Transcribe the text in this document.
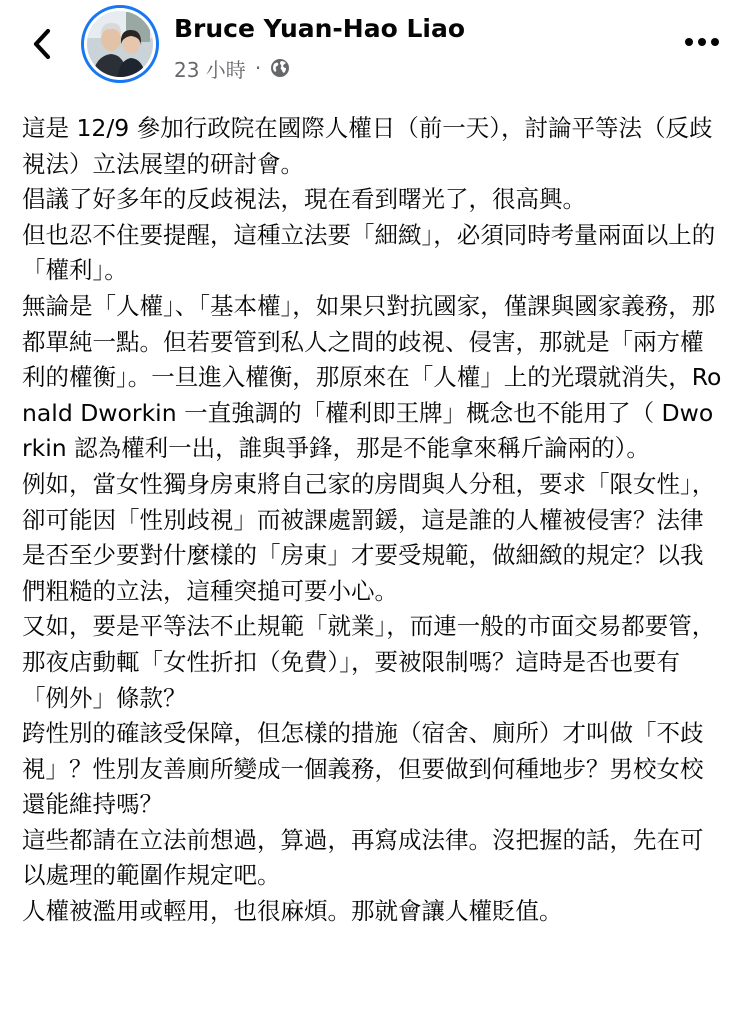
Bruce Yuan-Hao Liao
23 小時 ·
這是 12/9 參加行政院在國際人權日（前一天），討論平等法（反歧視法）立法展望的研討會。
倡議了好多年的反歧視法，現在看到曙光了，很高興。
但也忍不住要提醒，這種立法要「細緻」，必須同時考量兩面以上的「權利」。
無論是「人權」、「基本權」，如果只對抗國家，僅課與國家義務，那都單純一點。但若要管到私人之間的歧視、侵害，那就是「兩方權利的權衡」。一旦進入權衡，那原來在「人權」上的光環就消失，Ronald Dworkin 一直強調的「權利即王牌」概念也不能用了（ Dworkin 認為權利一出，誰與爭鋒，那是不能拿來稱斤論兩的）。
例如，當女性獨身房東將自己家的房間與人分租，要求「限女性」，卻可能因「性別歧視」而被課處罰鍰，這是誰的人權被侵害？法律是否至少要對什麼樣的「房東」才要受規範，做細緻的規定？以我們粗糙的立法，這種突搥可要小心。
又如，要是平等法不止規範「就業」，而連一般的市面交易都要管，那夜店動輒「女性折扣（免費）」，要被限制嗎？這時是否也要有「例外」條款？
跨性別的確該受保障，但怎樣的措施（宿舍、廁所）才叫做「不歧視」？性別友善廁所變成一個義務，但要做到何種地步？男校女校還能維持嗎？
這些都請在立法前想過，算過，再寫成法律。沒把握的話，先在可以處理的範圍作規定吧。
人權被濫用或輕用，也很麻煩。那就會讓人權貶值。
